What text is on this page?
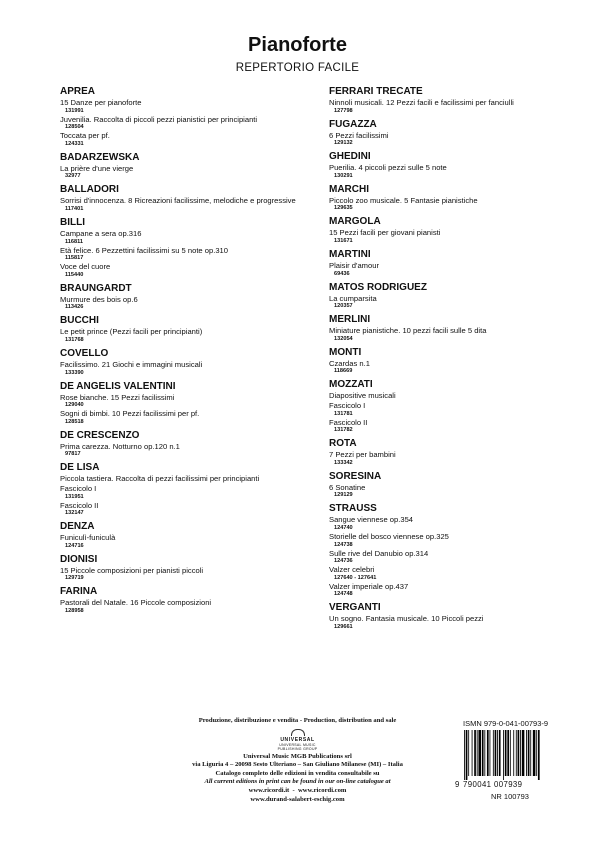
Pianoforte
REPERTORIO FACILE
APREA
15 Danze per pianoforte
131991
Juvenilia. Raccolta di piccoli pezzi pianistici per principianti
128504
Toccata per pf.
124331
BADARZEWSKA
La prière d'une vierge
32977
BALLADORI
Sorrisi d'innocenza. 8 Ricreazioni facilissime, melodiche e progressive
117401
BILLI
Campane a sera op.316
116811
Età felice. 6 Pezzettini facilissimi su 5 note op.310
115817
Voce del cuore
115440
BRAUNGARDT
Murmure des bois op.6
113426
BUCCHI
Le petit prince (Pezzi facili per principianti)
131768
COVELLO
Facilissimo. 21 Giochi e immagini musicali
133390
DE ANGELIS VALENTINI
Rose bianche. 15 Pezzi facilissimi
129040
Sogni di bimbi. 10 Pezzi facilissimi per pf.
128518
DE CRESCENZO
Prima carezza. Notturno op.120 n.1
97817
DE LISA
Piccola tastiera. Raccolta di pezzi facilissimi per principianti
Fascicolo I
131951
Fascicolo II
132147
DENZA
Funiculì-funiculà
124716
DIONISI
15 Piccole composizioni per pianisti piccoli
129719
FARINA
Pastorali del Natale. 16 Piccole composizioni
128958
FERRARI TRECATE
Ninnoli musicali. 12 Pezzi facili e facilissimi per fanciulli
127798
FUGAZZA
6 Pezzi facilissimi
129132
GHEDINI
Puerilia. 4 piccoli pezzi sulle 5 note
130291
MARCHI
Piccolo zoo musicale. 5 Fantasie pianistiche
129635
MARGOLA
15 Pezzi facili per giovani pianisti
131671
MARTINI
Plaisir d'amour
69436
MATOS RODRIGUEZ
La cumparsita
120357
MERLINI
Miniature pianistiche. 10 pezzi facili sulle 5 dita
132054
MONTI
Czardas n.1
118669
MOZZATI
Diapositive musicali
Fascicolo I
131781
Fascicolo II
131782
ROTA
7 Pezzi per bambini
133342
SORESINA
6 Sonatine
129129
STRAUSS
Sangue viennese op.354
124740
Storielle del bosco viennese op.325
124738
Sulle rive del Danubio op.314
124736
Valzer celebri
127640 - 127641
Valzer imperiale op.437
124748
VERGANTI
Un sogno. Fantasia musicale. 10 Piccoli pezzi
129661
Produzione, distribuzione e vendita - Production, distribution and sale
UNIVERSAL
UNIVERSAL MUSIC
PUBLISHING GROUP
Universal Music MGB Publications srl
via Liguria 4 – 20098 Sesto Ulteriano – San Giuliano Milanese (MI) – Italia
Catalogo completo delle edizioni in vendita consultabile su
All current editions in print can be found in our on-line catalogue at
www.ricordi.it  -  www.ricordi.com
www.durand-salabert-eschig.com
ISMN 979-0-041-00793-9
9 790041 007939
NR 100793
